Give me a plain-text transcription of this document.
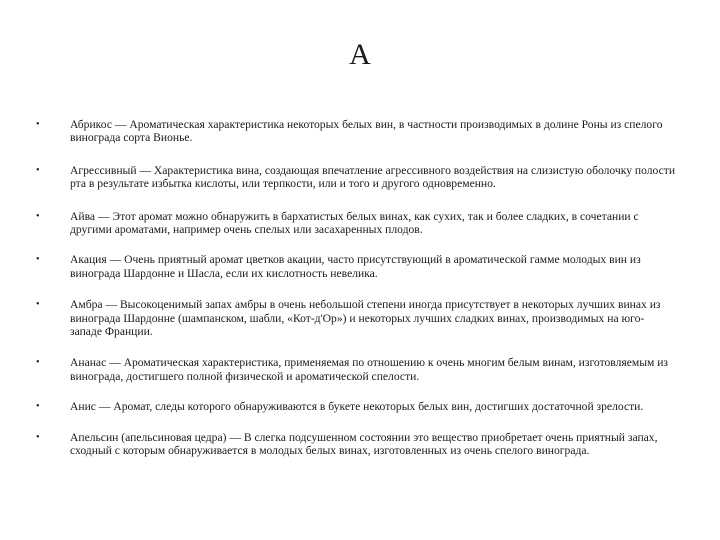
А
•	Абрикос — Ароматическая характеристика некоторых белых вин, в частности производимых в долине Роны из спелого винограда сорта Вионье.
•	Агрессивный — Характеристика вина, создающая впечатление агрессивного воздействия на слизистую оболочку полости рта в результате избытка кислоты, или терпкости, или и того и другого одновременно.
•	Айва — Этот аромат можно обнаружить в бархатистых белых винах, как сухих, так и более сладких, в сочетании с другими ароматами, например очень спелых или засахаренных плодов.
•	Акация — Очень приятный аромат цветков акации, часто присутствующий в ароматической гамме молодых вин из винограда Шардонне и Шасла, если их кислотность невелика.
•	Амбра — Высокоценимый запах амбры в очень небольшой степени иногда присутствует в некоторых лучших винах из винограда Шардонне (шампанском, шабли, «Кот-д'Ор») и некоторых лучших сладких винах, производимых на юго-западе Франции.
•	Ананас — Ароматическая характеристика, применяемая по отношению к очень многим белым винам, изготовляемым из винограда, достигшего полной физической и ароматической спелости.
•	Анис — Аромат, следы которого обнаруживаются в букете некоторых белых вин, достигших достаточной зрелости.
•	Апельсин (апельсиновая цедра) — В слегка подсушенном состоянии это вещество приобретает очень приятный запах, сходный с которым обнаруживается в молодых белых винах, изготовленных из очень спелого винограда.
